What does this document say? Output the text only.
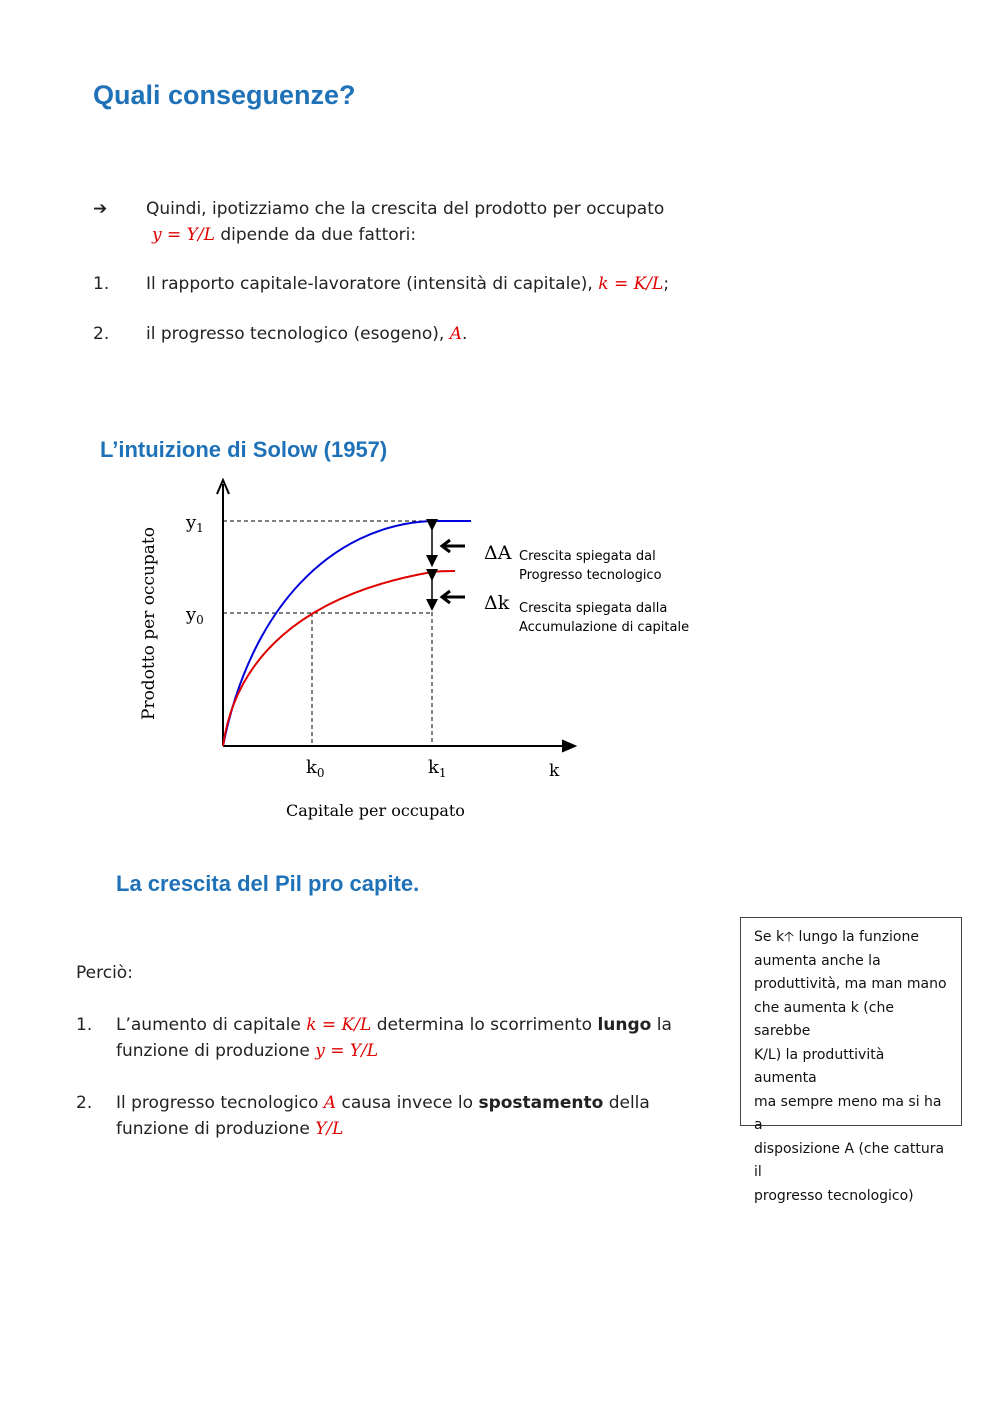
Quali conseguenze?
➔ Quindi, ipotizziamo che la crescita del prodotto per occupato
y = Y/L dipende da due fattori:
1. Il rapporto capitale-lavoratore (intensità di capitale), k = K/L;
2. il progresso tecnologico (esogeno), A.
L’intuizione di Solow (1957)
$y_1$
$y_0$
$k_0$	$k_1$	k
Prodotto per occupato
Capitale per occupato
ΔA Crescita spiegata dal
Progresso tecnologico
Δk Crescita spiegata dalla
Accumulazione di capitale
La crescita del Pil pro capite.
Perciò:
1. L’aumento di capitale k = K/L determina lo scorrimento lungo la
funzione di produzione y = Y/L
2. Il progresso tecnologico A causa invece lo spostamento della
funzione di produzione Y/L
Se k🡡 lungo la funzione
aumenta anche la
produttività, ma man mano
che aumenta k (che sarebbe
K/L) la produttività aumenta
ma sempre meno ma si ha a
disposizione A (che cattura il
progresso tecnologico)
